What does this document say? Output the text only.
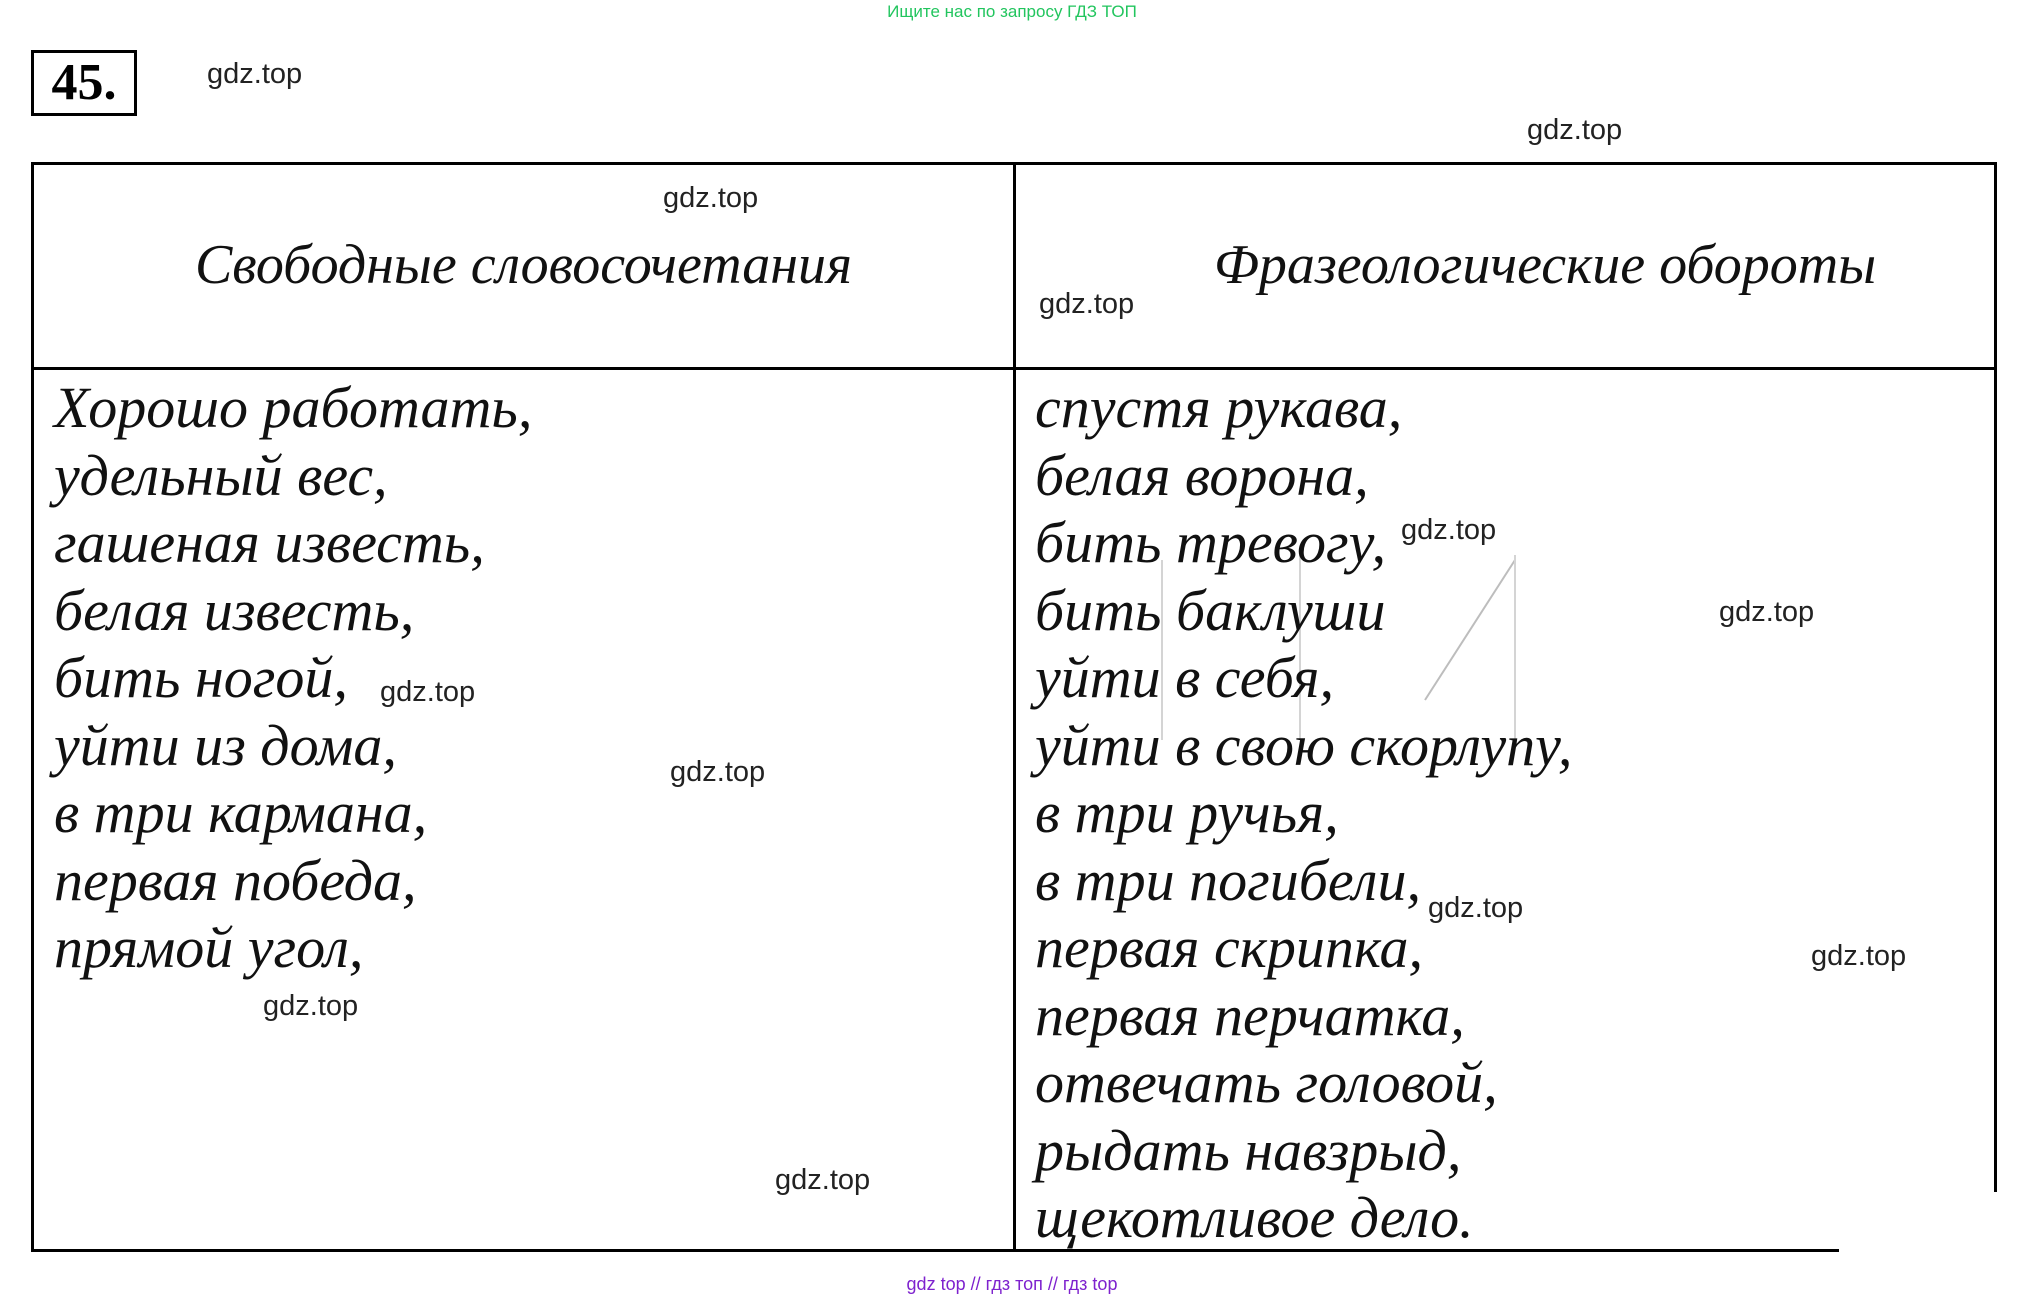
Ищите нас по запросу ГДЗ ТОП
45.	gdz.top
gdz.top
gdz.top
gdz.top
gdz.top
gdz.top
gdz.top
gdz.top
gdz.top
gdz.top
gdz.top
gdz.top
Свободные словосочетания	Фразеологические обороты
Хорошо работать,
удельный вес,
гашеная известь,
белая известь,
бить ногой,
уйти из дома,
в три кармана,
первая победа,
прямой угол,
спустя рукава,
белая ворона,
бить тревогу,
бить баклуши
уйти в себя,
уйти в свою скорлупу,
в три ручья,
в три погибели,
первая скрипка,
первая перчатка,
отвечать головой,
рыдать навзрыд,
щекотливое дело.
gdz top // гдз топ // гдз top
